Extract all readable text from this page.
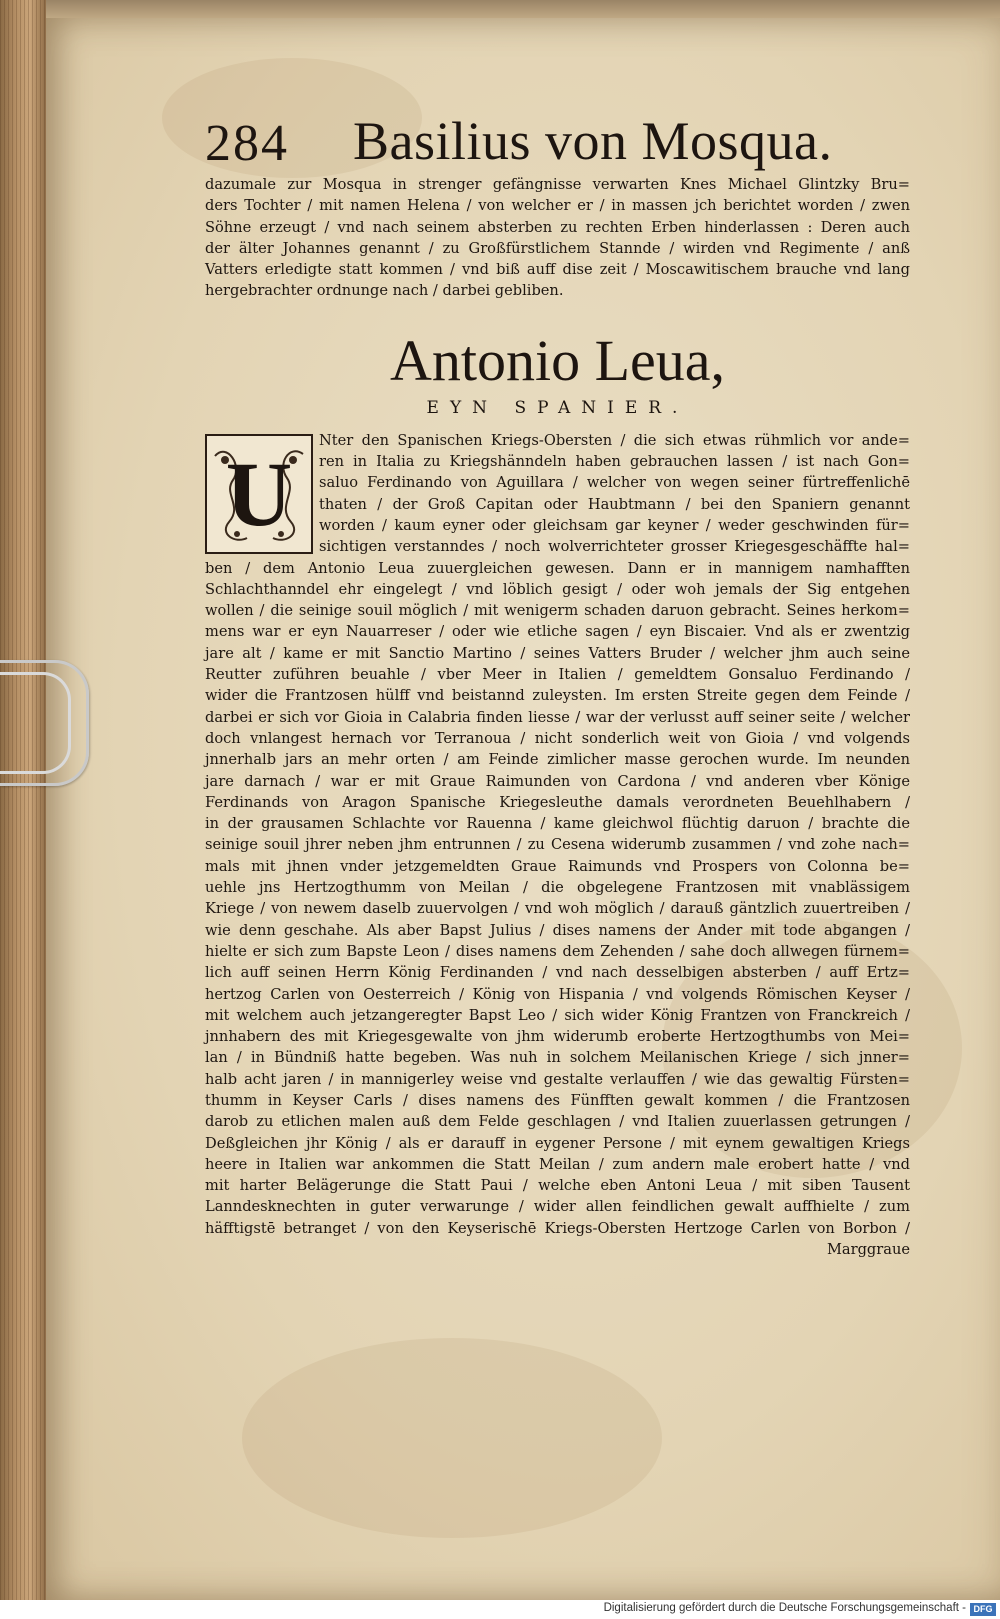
284 Basilius von Mosqua.

dazumale zur Mosqua in strenger gefängnisse verwarten Knes Michael Glintzky Bru=
ders Tochter / mit namen Helena / von welcher er / in massen jch berichtet worden / zwen
Söhne erzeugt / vnd nach seinem absterben zu rechten Erben hinderlassen : Deren auch
der älter Johannes genannt / zu Großfürstlichem Stannde / wirden vnd Regimente / anß
Vatters erledigte statt kommen / vnd biß auff dise zeit / Moscawitischem brauche vnd lang
hergebrachter ordnunge nach / darbei gebliben.

Antonio Leua,
EYN SPANIER.
U

Nter den Spanischen Kriegs-Obersten / die sich etwas rühmlich vor ande=
ren in Italia zu Kriegshänndeln haben gebrauchen lassen / ist nach Gon=
saluo Ferdinando von Aguillara / welcher von wegen seiner fürtreffenlichē
thaten / der Groß Capitan oder Haubtmann / bei den Spaniern genannt
worden / kaum eyner oder gleichsam gar keyner / weder geschwinden für=
sichtigen verstanndes / noch wolverrichteter grosser Kriegesgeschäffte hal=
ben / dem Antonio Leua zuuergleichen gewesen. Dann er in mannigem namhafften
Schlachthanndel ehr eingelegt / vnd löblich gesigt / oder woh jemals der Sig entgehen
wollen / die seinige souil möglich / mit wenigerm schaden daruon gebracht. Seines herkom=
mens war er eyn Nauarreser / oder wie etliche sagen / eyn Biscaier. Vnd als er zwentzig
jare alt / kame er mit Sanctio Martino / seines Vatters Bruder / welcher jhm auch seine
Reutter zuführen beuahle / vber Meer in Italien / gemeldtem Gonsaluo Ferdinando /
wider die Frantzosen hülff vnd beistannd zuleysten. Im ersten Streite gegen dem Feinde /
darbei er sich vor Gioia in Calabria finden liesse / war der verlusst auff seiner seite / welcher
doch vnlangest hernach vor Terranoua / nicht sonderlich weit von Gioia / vnd volgends
jnnerhalb jars an mehr orten / am Feinde zimlicher masse gerochen wurde. Im neunden
jare darnach / war er mit Graue Raimunden von Cardona / vnd anderen vber Könige
Ferdinands von Aragon Spanische Kriegesleuthe damals verordneten Beuehlhabern /
in der grausamen Schlachte vor Rauenna / kame gleichwol flüchtig daruon / brachte die
seinige souil jhrer neben jhm entrunnen / zu Cesena widerumb zusammen / vnd zohe nach=
mals mit jhnen vnder jetzgemeldten Graue Raimunds vnd Prospers von Colonna be=
uehle jns Hertzogthumm von Meilan / die obgelegene Frantzosen mit vnablässigem
Kriege / von newem daselb zuuervolgen / vnd woh möglich / darauß gäntzlich zuuertreiben /
wie denn geschahe. Als aber Bapst Julius / dises namens der Ander mit tode abgangen /
hielte er sich zum Bapste Leon / dises namens dem Zehenden / sahe doch allwegen fürnem=
lich auff seinen Herrn König Ferdinanden / vnd nach desselbigen absterben / auff Ertz=
hertzog Carlen von Oesterreich / König von Hispania / vnd volgends Römischen Keyser /
mit welchem auch jetzangeregter Bapst Leo / sich wider König Frantzen von Franckreich /
jnnhabern des mit Kriegesgewalte von jhm widerumb eroberte Hertzogthumbs von Mei=
lan / in Bündniß hatte begeben. Was nuh in solchem Meilanischen Kriege / sich jnner=
halb acht jaren / in mannigerley weise vnd gestalte verlauffen / wie das gewaltig Fürsten=
thumm in Keyser Carls / dises namens des Fünfften gewalt kommen / die Frantzosen
darob zu etlichen malen auß dem Felde geschlagen / vnd Italien zuuerlassen getrungen /
Deßgleichen jhr König / als er darauff in eygener Persone / mit eynem gewaltigen Kriegs
heere in Italien war ankommen die Statt Meilan / zum andern male erobert hatte / vnd
mit harter Belägerunge die Statt Paui / welche eben Antoni Leua / mit siben Tausent
Lanndesknechten in guter verwarunge / wider allen feindlichen gewalt auffhielte / zum
häfftigstē betranget / von den Keyserischē Kriegs-Obersten Hertzoge Carlen von Borbon /

Marggraue
Digitalisierung gefördert durch die Deutsche Forschungsgemeinschaft - DFG
